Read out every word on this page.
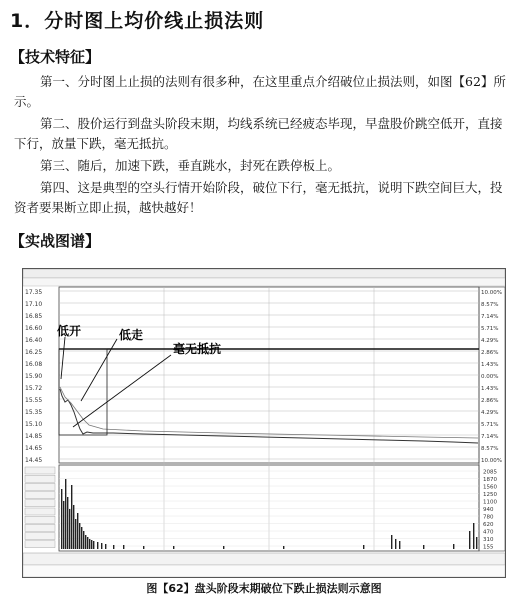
1．分时图上均价线止损法则
【技术特征】

第一、分时图上止损的法则有很多种，在这里重点介绍破位止损法则，如图【62】所示。

第二、股价运行到盘头阶段末期，均线系统已经疲态毕现，早盘股价跳空低开，直接下行，放量下跌，毫无抵抗。

第三、随后，加速下跌，垂直跳水，封死在跌停板上。

第四、这是典型的空头行情开始阶段，破位下行，毫无抵抗，说明下跌空间巨大，投资者要果断立即止损，越快越好！

【实战图谱】
17.35
17.10
16.85
16.60
16.40
16.25
16.08
15.90
15.72
15.55
15.35
15.10
14.85
14.65
14.45
10.00%
8.57%
7.14%
5.71%
4.29%
2.86%
1.43%
0.00%
1.43%
2.86%
4.29%
5.71%
7.14%
8.57%
10.00%
2085
1870
1560
1250
1100
940
780
620
470
310
155
低开	低走
毫无抵抗
图【62】盘头阶段末期破位下跌止损法则示意图
